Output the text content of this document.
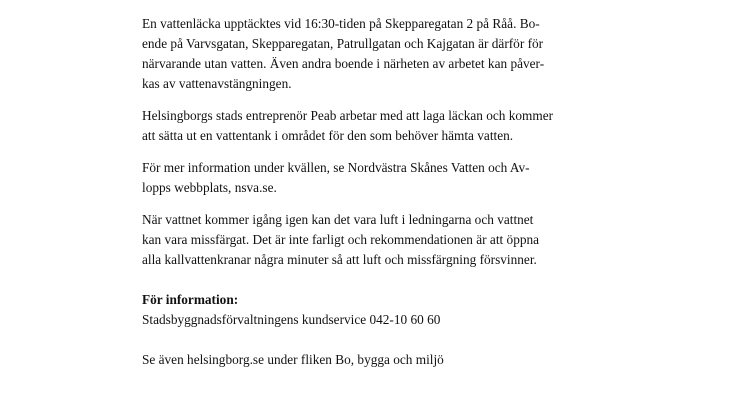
En vattenläcka upptäcktes vid 16:30-tiden på Skepparegatan 2 på Råå. Bo-
ende på Varvsgatan, Skepparegatan, Patrullgatan och Kajgatan är därför för
närvarande utan vatten. Även andra boende i närheten av arbetet kan påver-
kas av vattenavstängningen.
Helsingborgs stads entreprenör Peab arbetar med att laga läckan och kommer
att sätta ut en vattentank i området för den som behöver hämta vatten.
För mer information under kvällen, se Nordvästra Skånes Vatten och Av-
lopps webbplats, nsva.se.
När vattnet kommer igång igen kan det vara luft i ledningarna och vattnet
kan vara missfärgat. Det är inte farligt och rekommendationen är att öppna
alla kallvattenkranar några minuter så att luft och missfärgning försvinner.
För information:
Stadsbyggnadsförvaltningens kundservice 042-10 60 60
Se även helsingborg.se under fliken Bo, bygga och miljö
